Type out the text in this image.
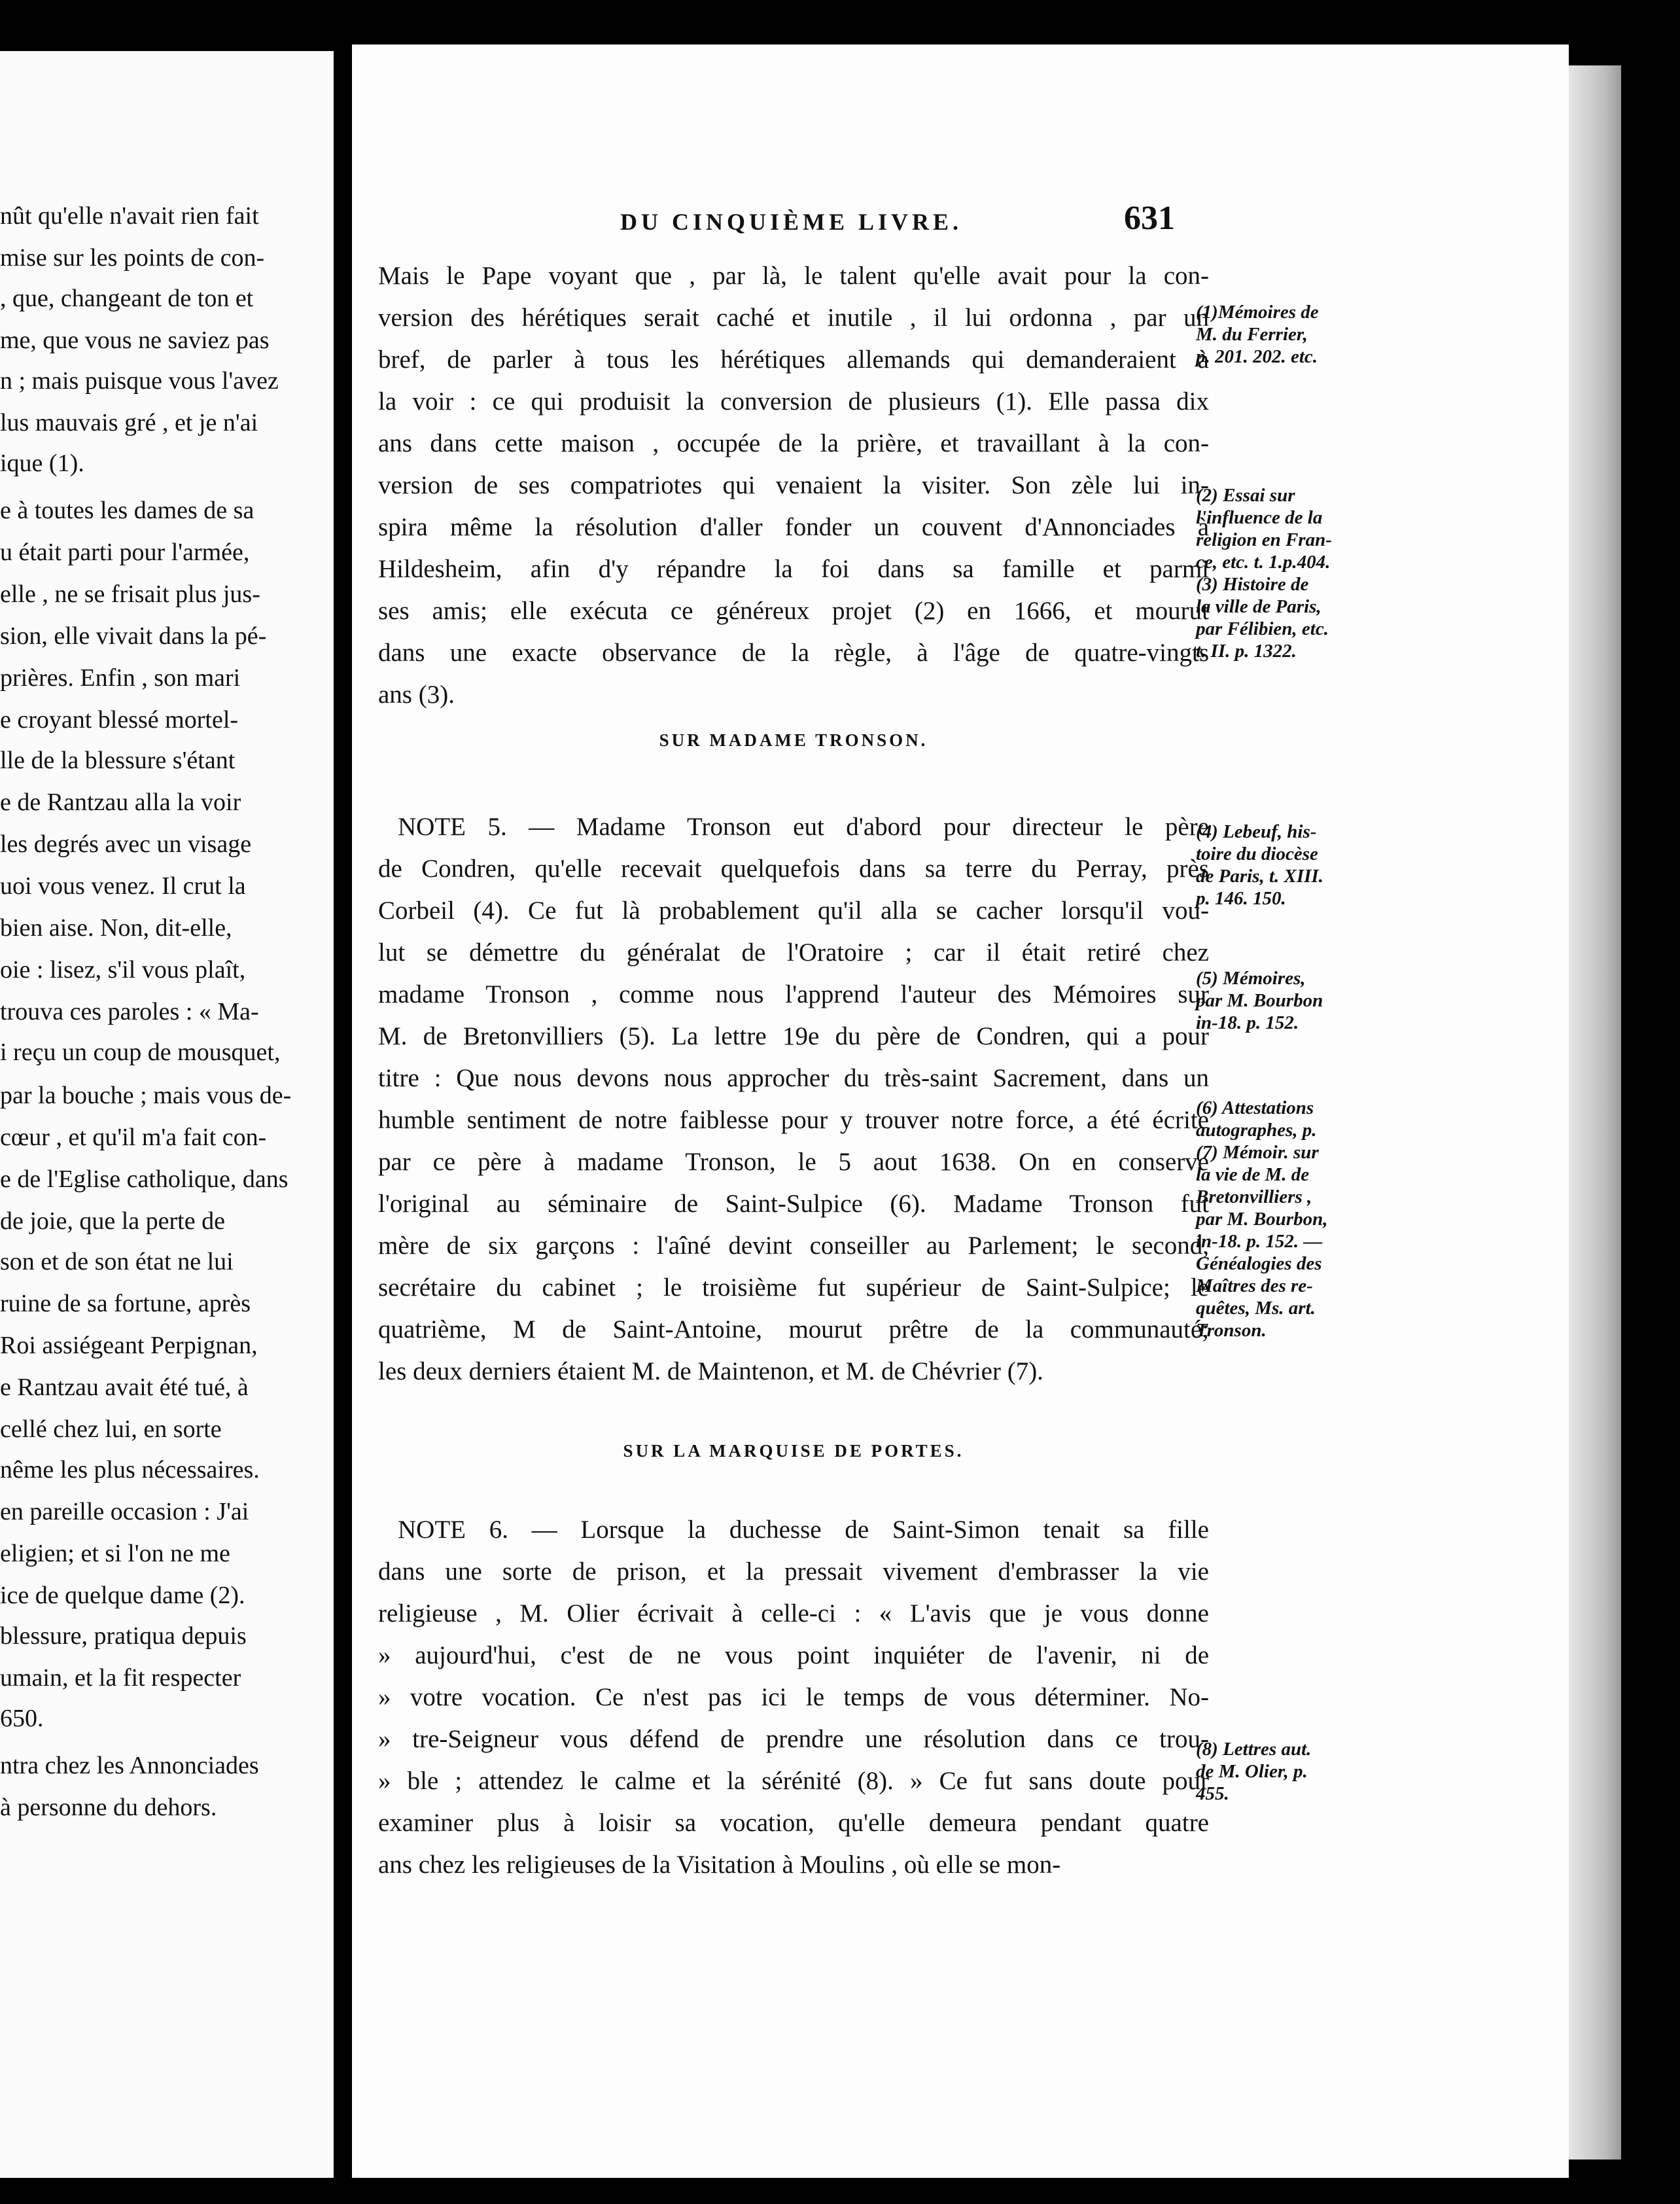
nût qu'elle n'avait rien fait
mise sur les points de con-
, que, changeant de ton et
me, que vous ne saviez pas
n ; mais puisque vous l'avez
lus mauvais gré , et je n'ai
ique (1).
e à toutes les dames de sa
u était parti pour l'armée,
elle , ne se frisait plus jus-
sion, elle vivait dans la pé-
prières. Enfin , son mari
e croyant blessé mortel-
lle de la blessure s'étant
e de Rantzau alla la voir
les degrés avec un visage
uoi vous venez. Il crut la
bien aise. Non, dit-elle,
oie : lisez, s'il vous plaît,
trouva ces paroles : « Ma-
i reçu un coup de mousquet,
par la bouche ; mais vous de-
cœur , et qu'il m'a fait con-
e de l'Eglise catholique, dans
de joie, que la perte de
son et de son état ne lui
ruine de sa fortune, après
Roi assiégeant Perpignan,
e Rantzau avait été tué, à
cellé chez lui, en sorte
nême les plus nécessaires.
en pareille occasion : J'ai
eligien; et si l'on ne me
ice de quelque dame (2).
blessure, pratiqua depuis
umain, et la fit respecter
650.
ntra chez les Annonciades
à personne du dehors.
DU CINQUIÈME LIVRE.	631
Mais le Pape voyant que , par là, le talent qu'elle avait pour la con-
version des hérétiques serait caché et inutile , il lui ordonna , par un
bref, de parler à tous les hérétiques allemands qui demanderaient à
la voir : ce qui produisit la conversion de plusieurs (1). Elle passa dix
ans dans cette maison , occupée de la prière, et travaillant à la con-
version de ses compatriotes qui venaient la visiter. Son zèle lui in-
spira même la résolution d'aller fonder un couvent d'Annonciades à
Hildesheim, afin d'y répandre la foi dans sa famille et parmi
ses amis; elle exécuta ce généreux projet (2) en 1666, et mourut
dans une exacte observance de la règle, à l'âge de quatre-vingts
ans (3).
SUR MADAME TRONSON.
NOTE 5. — Madame Tronson eut d'abord pour directeur le père
de Condren, qu'elle recevait quelquefois dans sa terre du Perray, près
Corbeil (4). Ce fut là probablement qu'il alla se cacher lorsqu'il vou-
lut se démettre du généralat de l'Oratoire ; car il était retiré chez
madame Tronson , comme nous l'apprend l'auteur des Mémoires sur
M. de Bretonvilliers (5). La lettre 19e du père de Condren, qui a pour
titre : Que nous devons nous approcher du très-saint Sacrement, dans un
humble sentiment de notre faiblesse pour y trouver notre force, a été écrite
par ce père à madame Tronson, le 5 aout 1638. On en conserve
l'original au séminaire de Saint-Sulpice (6). Madame Tronson fut
mère de six garçons : l'aîné devint conseiller au Parlement; le second,
secrétaire du cabinet ; le troisième fut supérieur de Saint-Sulpice; le
quatrième, M de Saint-Antoine, mourut prêtre de la communauté;
les deux derniers étaient M. de Maintenon, et M. de Chévrier (7).
SUR LA MARQUISE DE PORTES.
NOTE 6. — Lorsque la duchesse de Saint-Simon tenait sa fille
dans une sorte de prison, et la pressait vivement d'embrasser la vie
religieuse , M. Olier écrivait à celle-ci : « L'avis que je vous donne
» aujourd'hui, c'est de ne vous point inquiéter de l'avenir, ni de
» votre vocation. Ce n'est pas ici le temps de vous déterminer. No-
» tre-Seigneur vous défend de prendre une résolution dans ce trou-
» ble ; attendez le calme et la sérénité (8). » Ce fut sans doute pour
examiner plus à loisir sa vocation, qu'elle demeura pendant quatre
ans chez les religieuses de la Visitation à Moulins , où elle se mon-
(1)Mémoires de
M. du Ferrier,
p. 201. 202. etc.
(2) Essai sur
l'influence de la
religion en Fran-
ce, etc. t. 1.p.404.
(3) Histoire de
la ville de Paris,
par Félibien, etc.
t. II. p. 1322.
(4) Lebeuf, his-
toire du diocèse
de Paris, t. XIII.
p. 146. 150.
(5) Mémoires,
par M. Bourbon
in-18. p. 152.
(6) Attestations
autographes, p.
(7) Mémoir. sur
la vie de M. de
Bretonvilliers ,
par M. Bourbon,
in-18. p. 152. —
Généalogies des
Maîtres des re-
quêtes, Ms. art.
Tronson.
(8) Lettres aut.
de M. Olier, p.
455.
